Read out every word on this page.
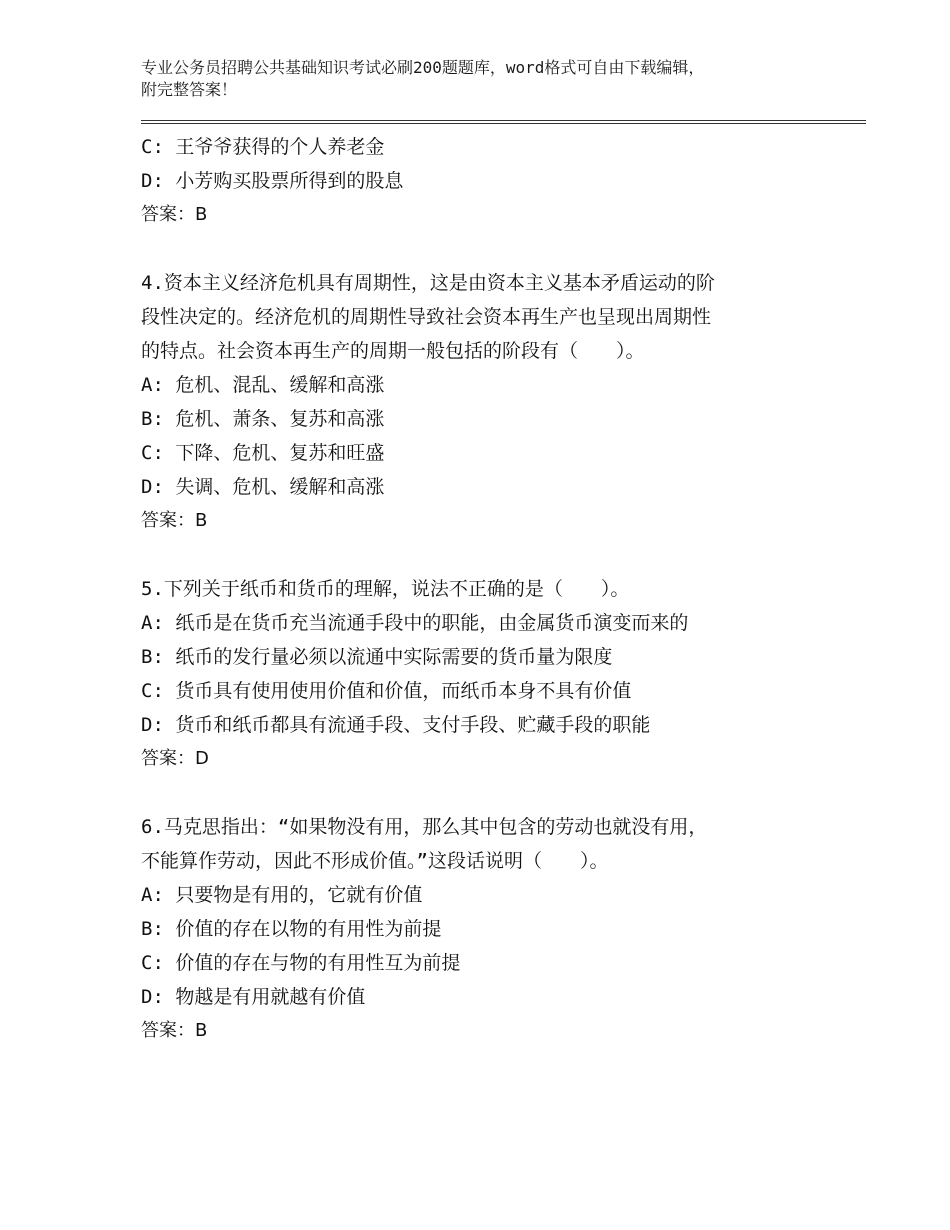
专业公务员招聘公共基础知识考试必刷200题题库，word格式可自由下载编辑，
附完整答案！
C: 王爷爷获得的个人养老金
D: 小芳购买股票所得到的股息
答案：B
4.资本主义经济危机具有周期性，这是由资本主义基本矛盾运动的阶
段性决定的。经济危机的周期性导致社会资本再生产也呈现出周期性
的特点。社会资本再生产的周期一般包括的阶段有（　　）。
A: 危机、混乱、缓解和高涨
B: 危机、萧条、复苏和高涨
C: 下降、危机、复苏和旺盛
D: 失调、危机、缓解和高涨
答案：B
5.下列关于纸币和货币的理解，说法不正确的是（　　）。
A: 纸币是在货币充当流通手段中的职能，由金属货币演变而来的
B: 纸币的发行量必须以流通中实际需要的货币量为限度
C: 货币具有使用使用价值和价值，而纸币本身不具有价值
D: 货币和纸币都具有流通手段、支付手段、贮藏手段的职能
答案：D
6.马克思指出：“如果物没有用，那么其中包含的劳动也就没有用，
不能算作劳动，因此不形成价值。”这段话说明（　　）。
A: 只要物是有用的，它就有价值
B: 价值的存在以物的有用性为前提
C: 价值的存在与物的有用性互为前提
D: 物越是有用就越有价值
答案：B
